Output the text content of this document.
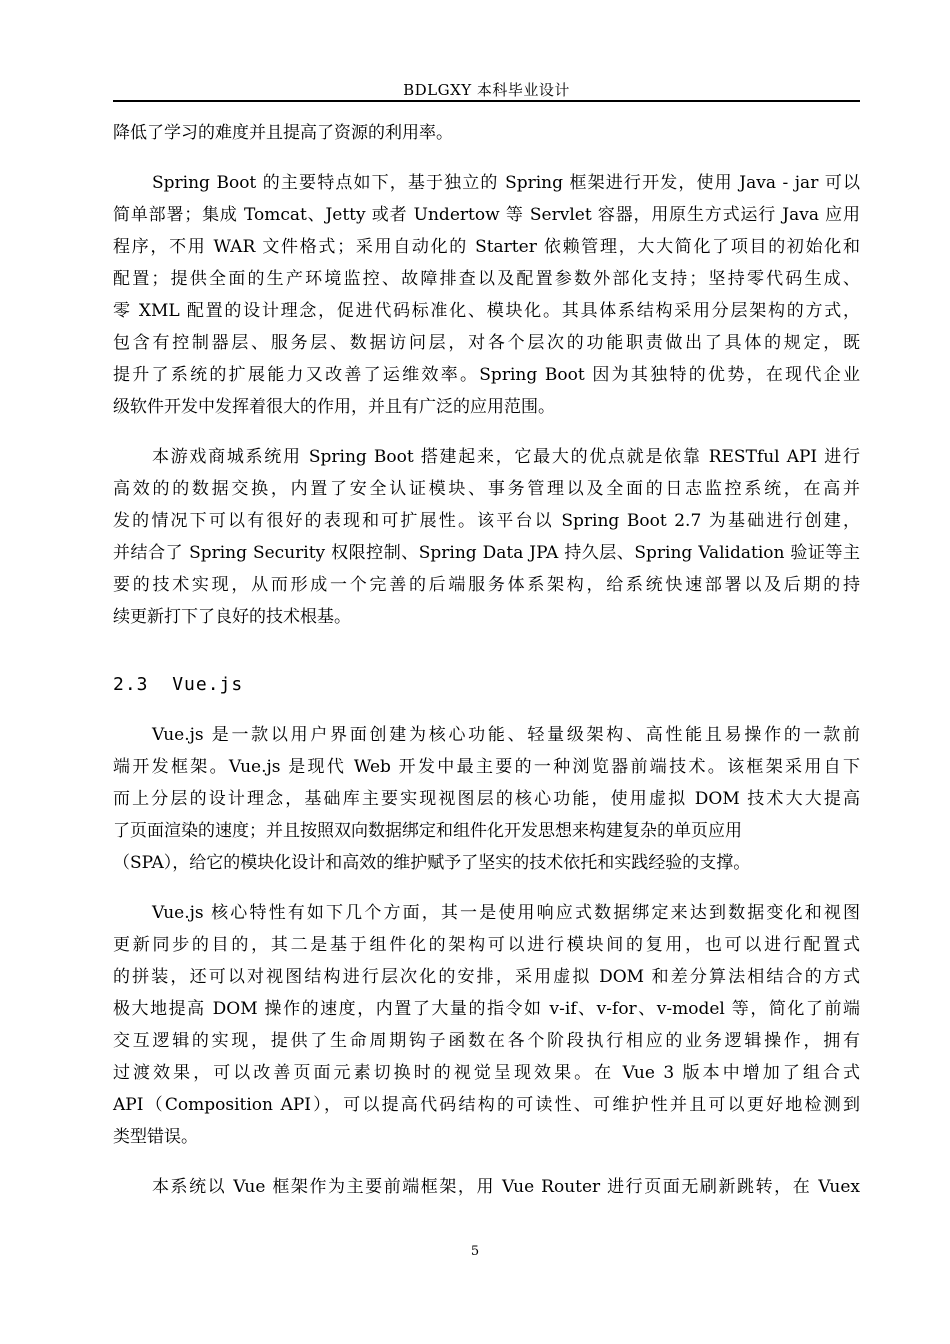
BDLGXY 本科毕业设计
降低了学习的难度并且提高了资源的利用率。
Spring Boot 的主要特点如下，基于独立的 Spring 框架进行开发，使用 Java - jar 可以
简单部署；集成 Tomcat、Jetty 或者 Undertow 等 Servlet 容器，用原生方式运行 Java 应用
程序，不用 WAR 文件格式；采用自动化的 Starter 依赖管理，大大简化了项目的初始化和
配置；提供全面的生产环境监控、故障排查以及配置参数外部化支持；坚持零代码生成、
零 XML 配置的设计理念，促进代码标准化、模块化。其具体系结构采用分层架构的方式，
包含有控制器层、服务层、数据访问层，对各个层次的功能职责做出了具体的规定，既
提升了系统的扩展能力又改善了运维效率。Spring Boot 因为其独特的优势，在现代企业
级软件开发中发挥着很大的作用，并且有广泛的应用范围。
本游戏商城系统用 Spring Boot 搭建起来，它最大的优点就是依靠 RESTful API 进行
高效的的数据交换，内置了安全认证模块、事务管理以及全面的日志监控系统，在高并
发的情况下可以有很好的表现和可扩展性。该平台以 Spring Boot 2.7 为基础进行创建，
并结合了 Spring Security 权限控制、Spring Data JPA 持久层、Spring Validation 验证等主
要的技术实现，从而形成一个完善的后端服务体系架构，给系统快速部署以及后期的持
续更新打下了良好的技术根基。
2.3 Vue.js
Vue.js 是一款以用户界面创建为核心功能、轻量级架构、高性能且易操作的一款前
端开发框架。Vue.js 是现代 Web 开发中最主要的一种浏览器前端技术。该框架采用自下
而上分层的设计理念，基础库主要实现视图层的核心功能，使用虚拟 DOM 技术大大提高
了页面渲染的速度；并且按照双向数据绑定和组件化开发思想来构建复杂的单页应用
（SPA），给它的模块化设计和高效的维护赋予了坚实的技术依托和实践经验的支撑。
Vue.js 核心特性有如下几个方面，其一是使用响应式数据绑定来达到数据变化和视图
更新同步的目的，其二是基于组件化的架构可以进行模块间的复用，也可以进行配置式
的拼装，还可以对视图结构进行层次化的安排，采用虚拟 DOM 和差分算法相结合的方式
极大地提高 DOM 操作的速度，内置了大量的指令如 v-if、v-for、v-model 等，简化了前端
交互逻辑的实现，提供了生命周期钩子函数在各个阶段执行相应的业务逻辑操作，拥有
过渡效果，可以改善页面元素切换时的视觉呈现效果。在 Vue 3 版本中增加了组合式
API（Composition API），可以提高代码结构的可读性、可维护性并且可以更好地检测到
类型错误。
本系统以 Vue 框架作为主要前端框架，用 Vue Router 进行页面无刷新跳转，在 Vuex
5
